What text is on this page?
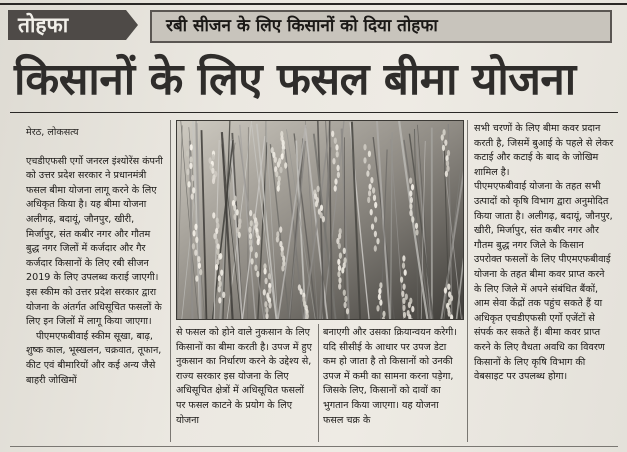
तोहफा	रबी सीजन के लिए किसानों को दिया तोहफा
किसानों के लिए फसल बीमा योजना
मेरठ, लोकसत्य

एचडीएफसी एर्गो जनरल इंश्योरेंस कंपनी को उत्तर प्रदेश सरकार ने प्रधानमंत्री फसल बीमा योजना लागू करने के लिए अधिकृत किया है। यह बीमा योजना अलीगढ़, बदायूं, जौनपुर, खीरी, मिर्जापुर, संत कबीर नगर और गौतम बुद्ध नगर जिलों में कर्जदार और गैर कर्जदार किसानों के लिए रबी सीजन 2019 के लिए उपलब्ध कराई जाएगी। इस स्कीम को उत्तर प्रदेश सरकार द्वारा योजना के अंतर्गत अधिसूचित फसलों के लिए इन जिलों में लागू किया जाएगा।

पीएमएफबीवाई स्कीम सूखा, बाढ़, शुष्क काल, भूस्खलन, चक्रवात, तूफान, कीट एवं बीमारियों और कई अन्य जैसे बाहरी जोखिमों

से फसल को होने वाले नुकसान के लिए किसानों का बीमा करती है। उपज में हुए नुकसान का निर्धारण करने के उद्देश्य से, राज्य सरकार इस योजना के लिए अधिसूचित क्षेत्रों में अधिसूचित फसलों पर फसल काटने के प्रयोग के लिए योजना

बनाएगी और उसका क्रियान्वयन करेगी। यदि सीसीई के आधार पर उपज डेटा कम हो जाता है तो किसानों को उनकी उपज में कमी का सामना करना पड़ेगा, जिसके लिए, किसानों को दावों का भुगतान किया जाएगा। यह योजना फसल चक्र के

सभी चरणों के लिए बीमा कवर प्रदान करती है, जिसमें बुआई के पहले से लेकर कटाई और कटाई के बाद के जोखिम शामिल है।

पीएमएफबीवाई योजना के तहत सभी उत्पादों को कृषि विभाग द्वारा अनुमोदित किया जाता है। अलीगढ़, बदायूं, जौनपुर, खीरी, मिर्जापुर, संत कबीर नगर और गौतम बुद्ध नगर जिले के किसान उपरोक्त फसलों के लिए पीएमएफबीवाई योजना के तहत बीमा कवर प्राप्त करने के लिए जिले में अपने संबंधित बैंकों, आम सेवा केंद्रों तक पहुंच सकते हैं या अधिकृत एचडीएफसी एर्गो एजेंटों से संपर्क कर सकते हैं। बीमा कवर प्राप्त करने के लिए वैधता अवधि का विवरण किसानों के लिए कृषि विभाग की वेबसाइट पर उपलब्ध होगा।
